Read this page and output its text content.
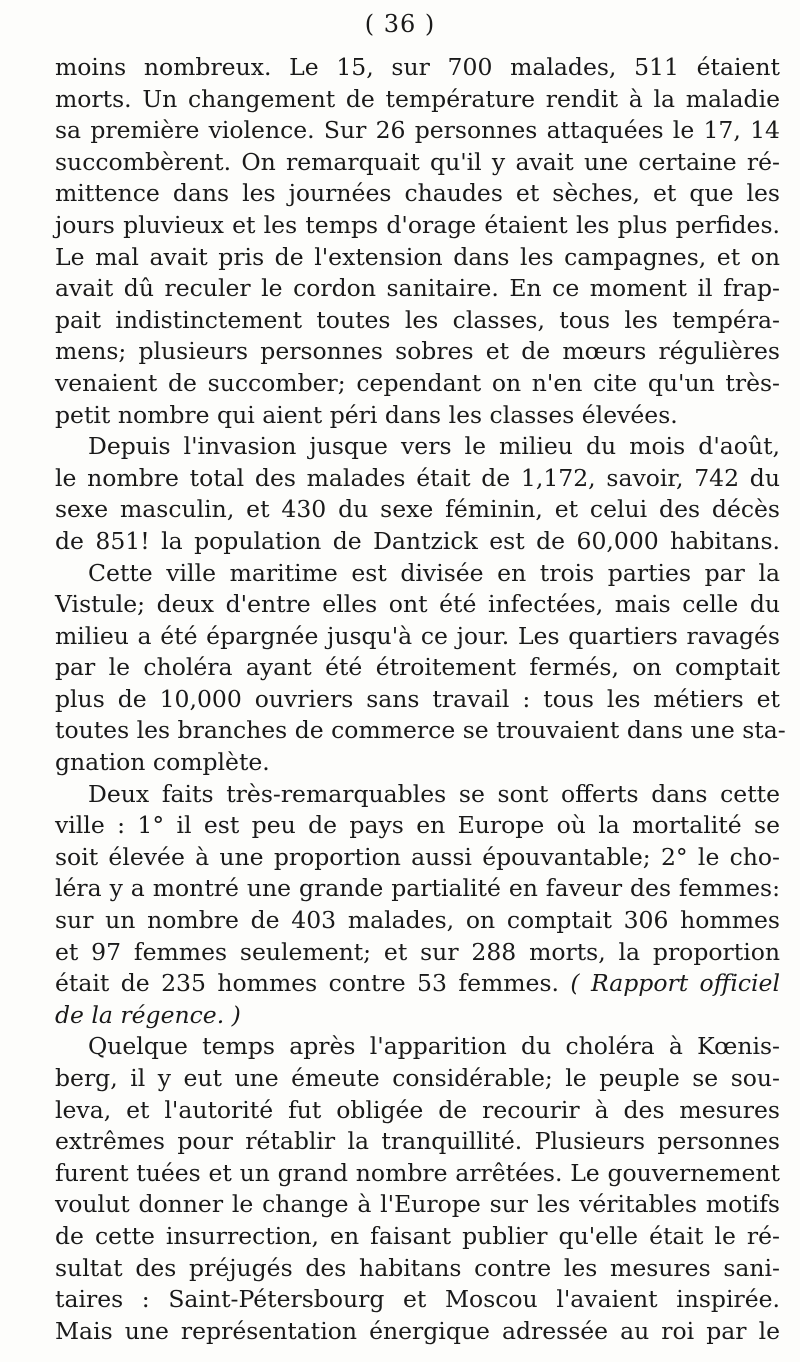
( 36 )
moins nombreux. Le 15, sur 700 malades, 511 étaient
morts. Un changement de température rendit à la maladie
sa première violence. Sur 26 personnes attaquées le 17, 14
succombèrent. On remarquait qu'il y avait une certaine ré-
mittence dans les journées chaudes et sèches, et que les
jours pluvieux et les temps d'orage étaient les plus perfides.
Le mal avait pris de l'extension dans les campagnes, et on
avait dû reculer le cordon sanitaire. En ce moment il frap-
pait indistinctement toutes les classes, tous les tempéra-
mens; plusieurs personnes sobres et de mœurs régulières
venaient de succomber; cependant on n'en cite qu'un très-
petit nombre qui aient péri dans les classes élevées.
Depuis l'invasion jusque vers le milieu du mois d'août,
le nombre total des malades était de 1,172, savoir, 742 du
sexe masculin, et 430 du sexe féminin, et celui des décès
de 851! la population de Dantzick est de 60,000 habitans.
Cette ville maritime est divisée en trois parties par la
Vistule; deux d'entre elles ont été infectées, mais celle du
milieu a été épargnée jusqu'à ce jour. Les quartiers ravagés
par le choléra ayant été étroitement fermés, on comptait
plus de 10,000 ouvriers sans travail : tous les métiers et
toutes les branches de commerce se trouvaient dans une sta-
gnation complète.
Deux faits très-remarquables se sont offerts dans cette
ville : 1° il est peu de pays en Europe où la mortalité se
soit élevée à une proportion aussi épouvantable; 2° le cho-
léra y a montré une grande partialité en faveur des femmes:
sur un nombre de 403 malades, on comptait 306 hommes
et 97 femmes seulement; et sur 288 morts, la proportion
était de 235 hommes contre 53 femmes. ( Rapport officiel
de la régence. )
Quelque temps après l'apparition du choléra à Kœnis-
berg, il y eut une émeute considérable; le peuple se sou-
leva, et l'autorité fut obligée de recourir à des mesures
extrêmes pour rétablir la tranquillité. Plusieurs personnes
furent tuées et un grand nombre arrêtées. Le gouvernement
voulut donner le change à l'Europe sur les véritables motifs
de cette insurrection, en faisant publier qu'elle était le ré-
sultat des préjugés des habitans contre les mesures sani-
taires : Saint-Pétersbourg et Moscou l'avaient inspirée.
Mais une représentation énergique adressée au roi par le
